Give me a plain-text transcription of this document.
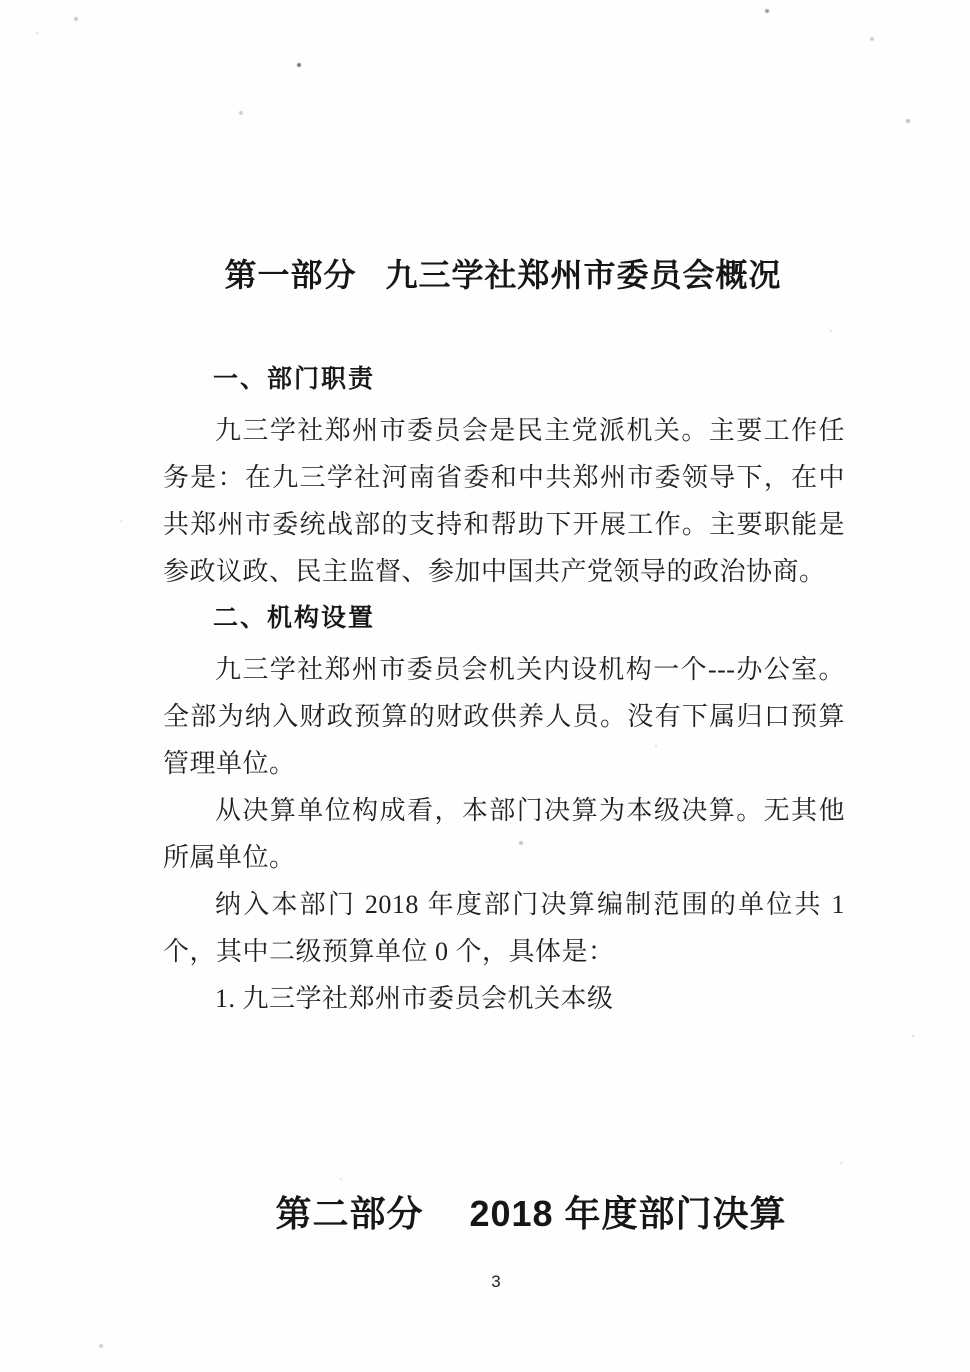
第一部分 九三学社郑州市委员会概况
一、部门职责

九三学社郑州市委员会是民主党派机关。主要工作任务是：在九三学社河南省委和中共郑州市委领导下，在中共郑州市委统战部的支持和帮助下开展工作。主要职能是参政议政、民主监督、参加中国共产党领导的政治协商。

二、机构设置

九三学社郑州市委员会机关内设机构一个---办公室。全部为纳入财政预算的财政供养人员。没有下属归口预算管理单位。

从决算单位构成看，本部门决算为本级决算。无其他所属单位。

纳入本部门 2018 年度部门决算编制范围的单位共 1 个，其中二级预算单位 0 个，具体是：

1. 九三学社郑州市委员会机关本级

第二部分 2018 年度部门决算
3
